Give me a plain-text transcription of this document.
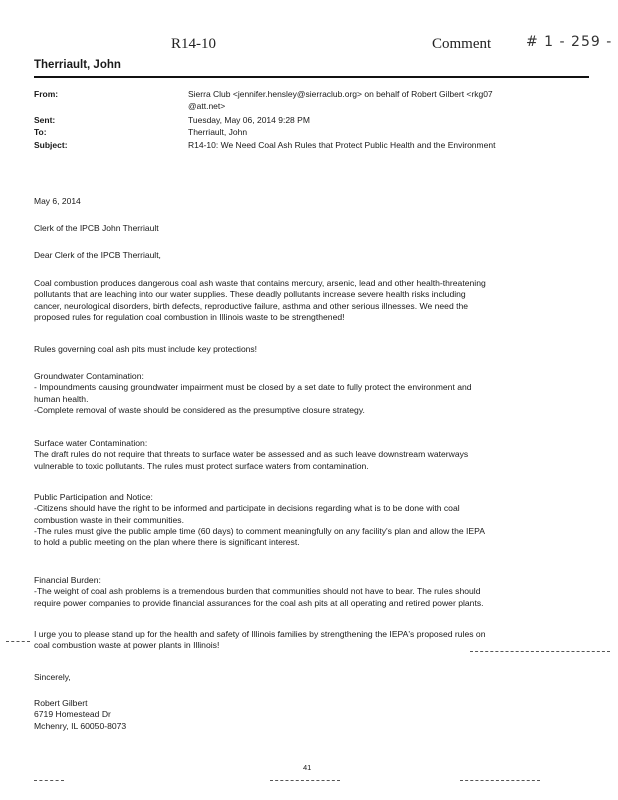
R14-10	Comment # 1 - 259 -
Therriault, John
From:	Sierra Club <jennifer.hensley@sierraclub.org> on behalf of Robert Gilbert <rkg07
@att.net>
Sent:	Tuesday, May 06, 2014 9:28 PM
To:	Therriault, John
Subject:	R14-10: We Need Coal Ash Rules that Protect Public Health and the Environment
May 6, 2014
Clerk of the IPCB John Therriault
Dear Clerk of the IPCB Therriault,

Coal combustion produces dangerous coal ash waste that contains mercury, arsenic, lead and other health-threatening

pollutants that are leaching into our water supplies. These deadly pollutants increase severe health risks including

cancer, neurological disorders, birth defects, reproductive failure, asthma and other serious illnesses. We need the

proposed rules for regulation coal combustion in Illinois waste to be strengthened!

Rules governing coal ash pits must include key protections!

Groundwater Contamination:

- Impoundments causing groundwater impairment must be closed by a set date to fully protect the environment and

human health.

-Complete removal of waste should be considered as the presumptive closure strategy.

Surface water Contamination:

The draft rules do not require that threats to surface water be assessed and as such leave downstream waterways

vulnerable to toxic pollutants. The rules must protect surface waters from contamination.

Public Participation and Notice:

-Citizens should have the right to be informed and participate in decisions regarding what is to be done with coal

combustion waste in their communities.

-The rules must give the public ample time (60 days) to comment meaningfully on any facility's plan and allow the IEPA

to hold a public meeting on the plan where there is significant interest.

Financial Burden:

-The weight of coal ash problems is a tremendous burden that communities should not have to bear. The rules should

require power companies to provide financial assurances for the coal ash pits at all operating and retired power plants.

I urge you to please stand up for the health and safety of Illinois families by strengthening the IEPA's proposed rules on

coal combustion waste at power plants in Illinois!

Sincerely,

Robert Gilbert

6719 Homestead Dr

Mchenry, IL 60050-8073

41
